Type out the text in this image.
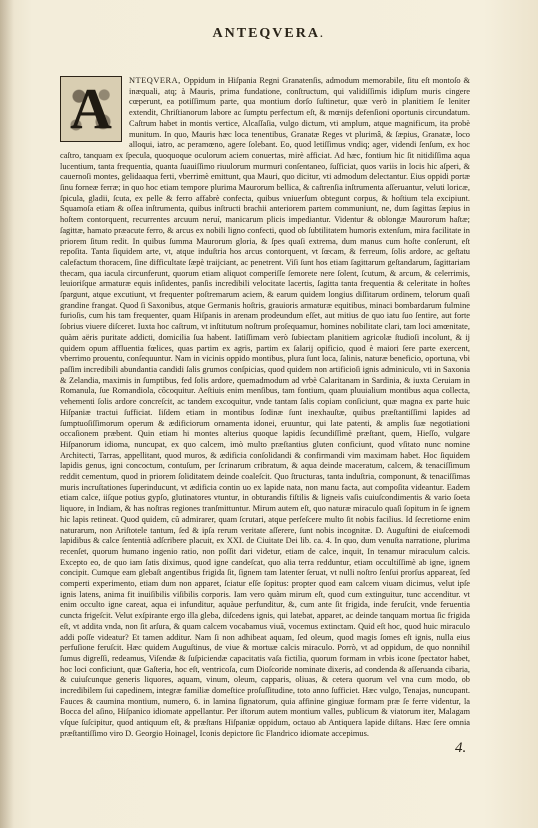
ANTEQVERA.
NTEQVERA, Oppidum in Hiſpania Regni Granatenſis, admodum memorabile, ſitu eſt montoſo & inæquali, atq; à Mauris, prima fundatione, conſtructum, qui validiſſimis idipſum muris cingere cœperunt, ea potiſſimum parte, qua montium dorſo ſuſtinetur, quæ verò in planitiem ſe leniter extendit, Chriſtianorum labore ac ſumptu perfectum eſt, & mœnijs defenſioni oportunis circundatum. Caſtrum habet in montis vertice, Alcaſſaſia, vulgo dictum, vti amplum, atque magnificum, ita probè munitum. In quo, Mauris hæc loca tenentibus, Granatæ Reges vt plurimâ, & ſæpius, Granatæ, loco alloqui, iatro, ac peramœno, agere ſolebant. Eo, quod letiſſimus vndiq; ager, videndi ſenſum, ex hoc caſtro, tanquam ex ſpecula, quoquoque oculorum aciem conuertas, mirè afficiat. Ad hæc, fontium hic ſit nitidiſſima aqua lucentium, tanta frequentia, quanta ſuauiſſimo riuulorum murmuri conſentaneo, ſuſficiat, quos variis in locis hic aſperi, & cauernoſi montes, gelidaaqua ferti, vberrimè emittunt, qua Mauri, quo dicitur, vti admodum delectantur. Eius oppidi portæ ſinu forneæ ferræ; in quo hoc etiam tempore plurima Maurorum bellica, & caſtrenſia inſtrumenta aſſeruantur, veluti loricæ, ſpicula, gladii, ſcuta, ex pelle & ferro affabrè confecta, quibus vniuerſum obtegunt corpus, & hoſtium tela excipiunt. Squamoſa etiam & oſſea inſtrumenta, quibus inſtructi brachii anteriorem partem communiunt, ne, dum ſagittas ſæpius in hoſtem contorquent, recurrentes arcuum neruí, manicarum plicis impediantur. Videntur & oblongæ Maurorum haſtæ; ſagittæ, hamato præacute ferro, & arcus ex nobili ligno confecti, quod ob ſubtilitatem humoris extenſum, mira facilitate in priorem ſitum redit. In quibus ſumma Maurorum gloria, & ſpes quaſi extrema, dum manus cum hoſte conſerunt, eſt repoſita. Tanta ſiquidem arte, vt, atque induſtria hos arcus contorquent, vt ſœcam, & ferreum, ſolis ardore, ac geſtatu calefactum thoracem, ſine difficultate ſæpè traijciant, ac penetrent. Viſi ſunt hos etiam ſagittarum geſtandarum, ſagittariam thecam, qua iacula circunferunt, quorum etiam aliquot comperiſſe ſemorete nere ſolent, ſcutum, & arcum, & celerrimis, leuioriſque armaturæ equis inſidentes, panſis incredibili velocitate lacertis, ſagitta tanta frequentia & celeritate in hoſtes ſpargunt, atque excutiunt, vt frequenter poſtremarum aciem, & earum quidem longius diſſitarum ordinem, telorum quaſi grandine frangat. Quod ſi Saxonibus, atque Germanis hoſtris, grauioris armaturæ equitibus, minaci bombardarum fulmine furioſis, cum his tam frequenter, quam Hiſpanis in arenam prodeundum eſſet, aut mitius de quo iatu ſuo ſentire, aut forte ſobrius viuere diſceret. Iuxta hoc caſtrum, vt inſtitutum noſtrum proſequamur, homines nobilitate clari, tam loci amœnitate, quàm aëris puritate addicti, domicilia ſua habent. Iatiſſimam verò ſubiectam planitiem agricolæ ſtudioſi incolunt, & ij quidem opum affluentia fœlices, quas partim ex agris, partim ex ſalarij opificio, quod è maiori ſere parte exercent, vberrimo prouentu, conſequuntur. Nam in vicinis oppido montibus, plura ſunt loca, ſalinis, naturæ beneficio, oportuna, vbi paſſim incredibili abundantia candidi ſalis grumos conſpicias, quod quidem non artificioſi ignis adminiculo, vti in Saxonia & Zelandia, maximis in ſumptibus, fed ſolis ardore, quemadmodum ad vrbè Calaritanam in Sardinia, & iuxta Ceruiam in Romanula, ſue Romandiola, cōcoquitur. Aeſtiuis enim menſibus, tam fontium, quam pluuialium montibus aqua collecta, vehementi ſolis ardore concreſcit, ac tandem excoquitur, vnde tantam ſalis copiam conſiciunt, quæ magna ex parte huic Hiſpaniæ tractui ſufficiat. Iiſdem etiam in montibus ſodinæ ſunt inexhauſtæ, quibus præſtantiſſimi lapides ad ſumptuoſiſſimorum operum & ædificiorum ornamenta idonei, eruuntur, qui late patenti, & amplis ſuæ negotiationi occaſionem præbent. Quin etiam hi montes alterius quoque lapidis ſecundiſſimè præſtant, quem, Hieſſo, vulgare Hiſpanorum idioma, nuncupat, ex quo calcem, imò multo præſtantius gluten conficiunt, quod vſitato nunc nomine Architecti, Tarras, appellitant, quod muros, & ædificia conſolidandi & confirmandi vim maximam habet. Hoc ſiquidem lapidis genus, igni concoctum, contuſum, per ſcrinarum cribratum, & aqua deinde maceratum, calcem, & tenaciſſimum reddit cementum, quod in priorem ſoliditatem deinde coaleſcit. Quo ſtructuras, tanta induſtria, componunt, & tenaciſſimas muris incruſtationes ſuperinducunt, vt ædificia contin uo ex lapide nata, non manu facta, aut compoſita videantur. Eadem etiam calce, iiſque potius gypſo, glutinatores vtuntur, in obturandis fiſtilis & ligneis vaſis cuiuſcondimentis & vario ſoeta liquore, in Indiam, & has noſtras regiones tranſmittuntur. Mirum autem eſt, quo naturæ miraculo quaſi ſopitum in ſe ignem hic lapis retineat. Quod quidem, cũ admirarer, quam ſcrutari, atque perſeſcere multo ſit nobis facilius. Id ſecretiorne enim naturarum, non Ariſtotele tantum, ſed & ipſa rerum veritate aſſerere, ſunt nobis incognitæ. D. Auguſtini de eiuſcemodi lapidibus & calce ſententià adſcribere placuit, ex XXI. de Ciuitate Dei lib. ca. 4. In quo, dum venuſta narratione, plurima recenſet, quorum humano ingenio ratio, non poſſit dari videtur, etiam de calce, inquit, In tenamur miraculum calcis. Excepto eo, de quo iam ſatis diximus, quod igne candeſcat, quo alia terra redduntur, etiam occultiſſimè ab igne, ignem concipit. Cumque eam glebaſt angentibus frigida ſit, ſignem tam latenter ſeruat, vt nulli noſtro ſenſui prorſus appareat, ſed comperti experimento, etiam dum non apparet, ſciatur eſſe ſopitus: propter quod eam calcem viuam dicimus, velut ipſe ignis latens, anima fit inuiſibilis viſibilis corporis. Iam vero quàm mirum eſt, quod cum extinguitur, tunc accenditur. vt enim occulto igne careat, aqua ei infunditur, aquàue perfunditur, &, cum ante ſit frigida, inde feruſcit, vnde feruentia cuncta frigeſcit. Velut exſpirante ergo illa gleba, diſcedens ignis, qui latebat, apparet, ac deinde tanquam mortua ſic frigida eſt, vt addita vnda, non ſit arſura, & quam calcem vocabamus viuā, vocemus extinctam. Quid eſt hoc, quod huic miraculo addi poſſe videatur? Et tamen additur. Nam ſi non adhibeat aquam, ſed oleum, quod magis ſomes eſt ignis, nulla eius perfuſione feruſcit. Hæc quidem Auguſtinus, de viue & mortuæ calcis miraculo. Porrò, vt ad oppidum, de quo nonnihil ſumus digreſſi, redeamus, Viſendæ & ſuſpiciendæ capacitatis vaſa fictilia, quorum formam in vrbis icone ſpectator habet, hoc loci conficiunt, quæ Gaſteria, hoc eſt, ventricoſa, cum Dioſcoride nominate dixeris, ad condenda & aſſeruanda cibaria, & cuiuſcunque generis liquores, aquam, vinum, oleum, capparis, oliuas, & cetera quorum vel vna cum modo, ob incredibilem ſui capedinem, integræ familiæ domeſtice proſuſſitudine, toto anno ſufficiet. Hæc vulgo, Tenajas, nuncupant. Fauces & caumina montium, numero, 6. in lamina ſignatorum, quia affinine gingiuæ formam præ ſe ferre videntur, la Bocca del aſino, Hiſpanico idiomate appellantur. Per iſtorum autem montium valles, publicum & viatorum iter, Malagam vſque ſuſcipitur, quod antiquum eſt, & præſtans Hiſpaniæ oppidum, octauo ab Antiquera lapide diſtans. Hæc ſere omnia præſtantiſſimo viro D. Georgio Hoinagel, Iconis depictore ſic Flandrico idiomate accepimus.
A
4.
